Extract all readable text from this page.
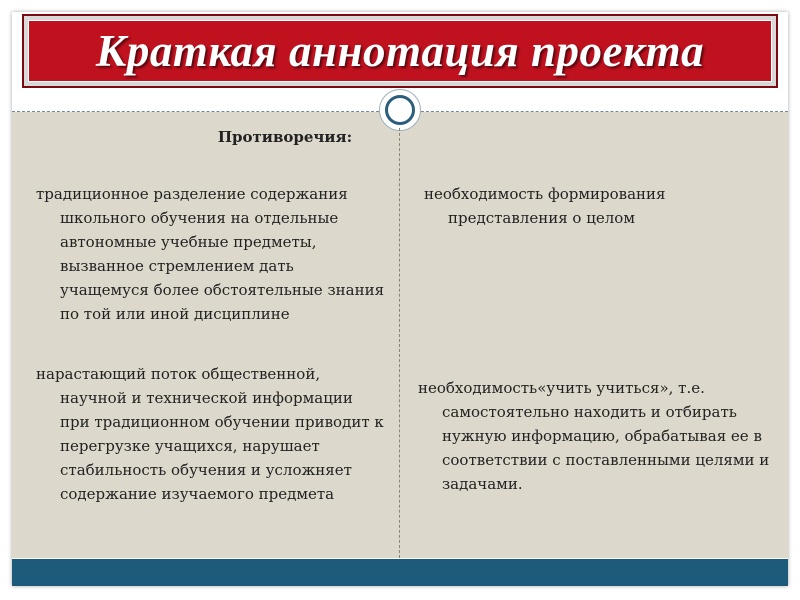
Краткая аннотация проекта
Противоречия:
традиционное разделение содержания школьного обучения на отдельные автономные учебные предметы, вызванное стремлением дать учащемуся более обстоятельные знания по той или иной дисциплине
нарастающий поток общественной, научной и технической информации при традиционном обучении приводит к перегрузке учащихся, нарушает стабильность обучения и усложняет содержание изучаемого предмета
необходимость формирования представления о целом
необходимость«учить учиться», т.е. самостоятельно находить и отбирать нужную информацию, обрабатывая ее в соответствии с поставленными целями и задачами.
